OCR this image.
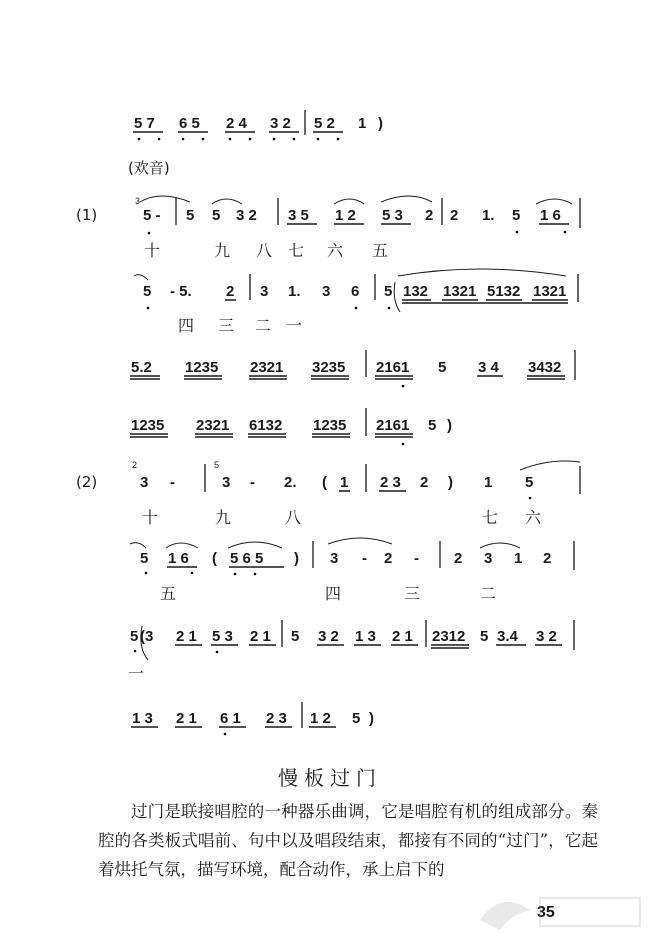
5 7 6 5 2 4 3 2 5 2 1 )
(欢音)
(1)
3
5 - 5 5 3 2 3 5 1 2 5 3 2 2 1. 5 1 6
十	九 八 七 六 五
5 - 5. 2 3 1. 3 6 5 132 1321 5132 1321
四 三 二 一
5.2 1235 2321 3235 2161 5 3 4 3432
1235 2321 6132 1235 2161 5 )
(2)
2
3 -
5
3 - 2. ( 1 2 3 2 ) 1 5
十	九	八	七 六
5 1 6 ( 5 6 5 ) 3 - 2 - 2 3 1 2
五	四	三	二
5 (3 2 1 5 3 2 1 5 3 2 1 3 2 1 2312 5 3.4 3 2
一
1 3 2 1 6 1 2 3 1 2 5 )
慢板过门

过门是联接唱腔的一种器乐曲调，它是唱腔有机的组成部分。秦腔的各类板式唱前、句中以及唱段结束，都接有不同的“过门”，它起着烘托气氛，描写环境，配合动作，承上启下的

35
